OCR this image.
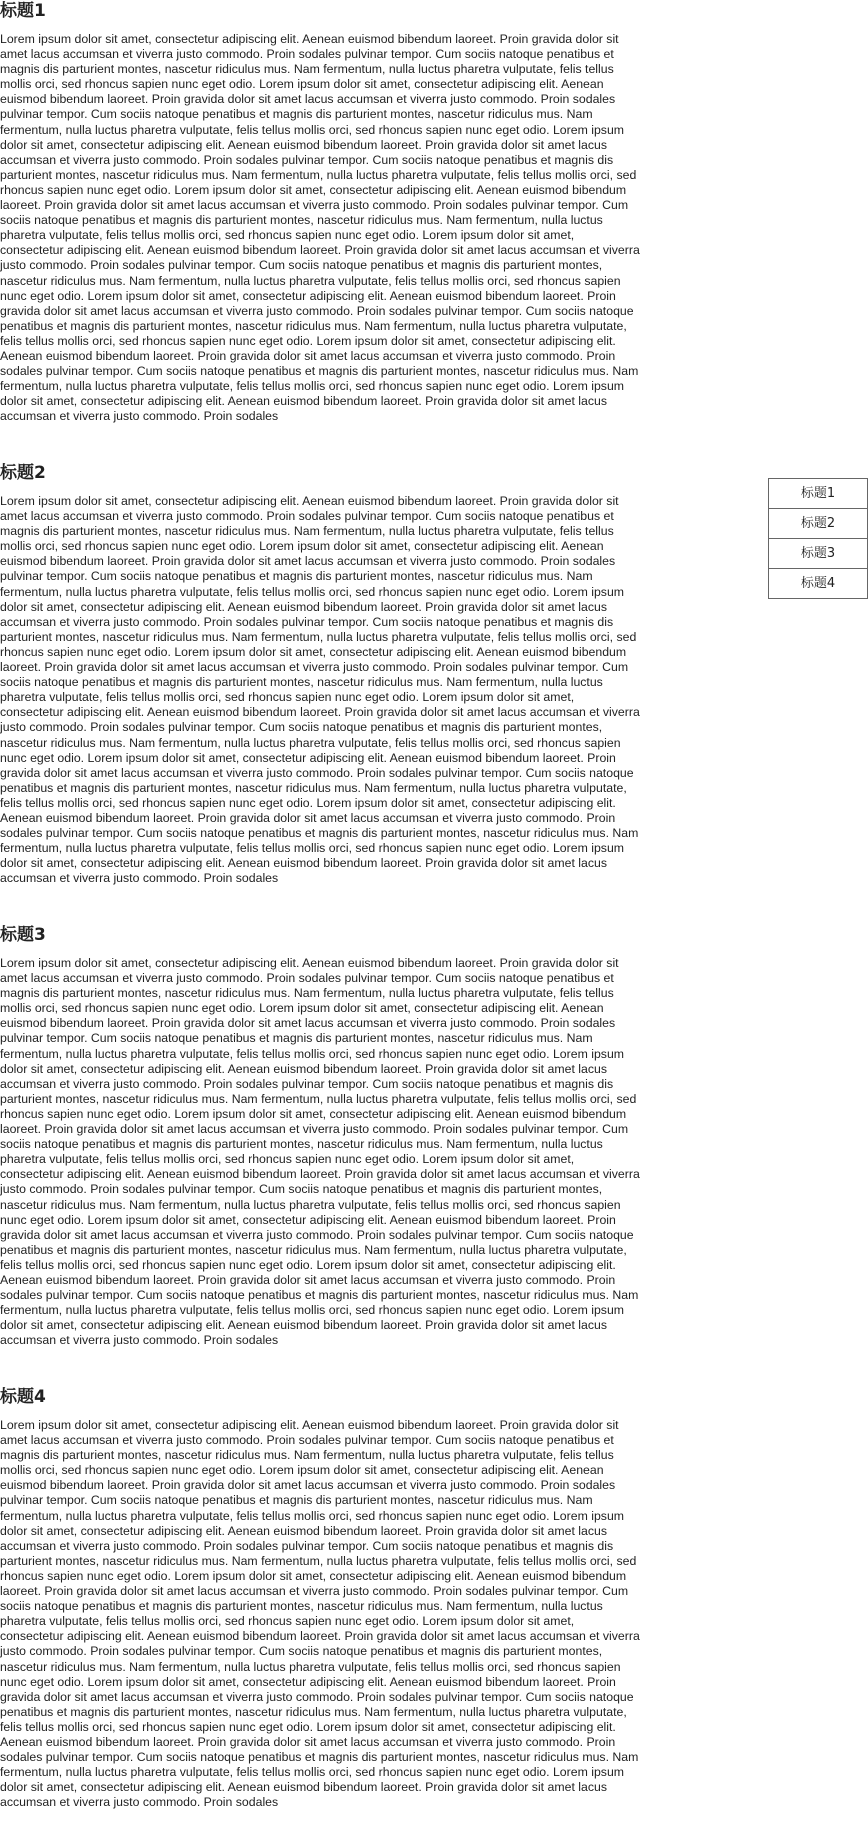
标题1

Lorem ipsum dolor sit amet, consectetur adipiscing elit. Aenean euismod bibendum laoreet. Proin gravida dolor sit amet lacus accumsan et viverra justo commodo. Proin sodales pulvinar tempor. Cum sociis natoque penatibus et magnis dis parturient montes, nascetur ridiculus mus. Nam fermentum, nulla luctus pharetra vulputate, felis tellus mollis orci, sed rhoncus sapien nunc eget odio. Lorem ipsum dolor sit amet, consectetur adipiscing elit. Aenean euismod bibendum laoreet. Proin gravida dolor sit amet lacus accumsan et viverra justo commodo. Proin sodales pulvinar tempor. Cum sociis natoque penatibus et magnis dis parturient montes, nascetur ridiculus mus. Nam fermentum, nulla luctus pharetra vulputate, felis tellus mollis orci, sed rhoncus sapien nunc eget odio. Lorem ipsum dolor sit amet, consectetur adipiscing elit. Aenean euismod bibendum laoreet. Proin gravida dolor sit amet lacus accumsan et viverra justo commodo. Proin sodales pulvinar tempor. Cum sociis natoque penatibus et magnis dis parturient montes, nascetur ridiculus mus. Nam fermentum, nulla luctus pharetra vulputate, felis tellus mollis orci, sed rhoncus sapien nunc eget odio. Lorem ipsum dolor sit amet, consectetur adipiscing elit. Aenean euismod bibendum laoreet. Proin gravida dolor sit amet lacus accumsan et viverra justo commodo. Proin sodales pulvinar tempor. Cum sociis natoque penatibus et magnis dis parturient montes, nascetur ridiculus mus. Nam fermentum, nulla luctus pharetra vulputate, felis tellus mollis orci, sed rhoncus sapien nunc eget odio. Lorem ipsum dolor sit amet, consectetur adipiscing elit. Aenean euismod bibendum laoreet. Proin gravida dolor sit amet lacus accumsan et viverra justo commodo. Proin sodales pulvinar tempor. Cum sociis natoque penatibus et magnis dis parturient montes, nascetur ridiculus mus. Nam fermentum, nulla luctus pharetra vulputate, felis tellus mollis orci, sed rhoncus sapien nunc eget odio. Lorem ipsum dolor sit amet, consectetur adipiscing elit. Aenean euismod bibendum laoreet. Proin gravida dolor sit amet lacus accumsan et viverra justo commodo. Proin sodales pulvinar tempor. Cum sociis natoque penatibus et magnis dis parturient montes, nascetur ridiculus mus. Nam fermentum, nulla luctus pharetra vulputate, felis tellus mollis orci, sed rhoncus sapien nunc eget odio. Lorem ipsum dolor sit amet, consectetur adipiscing elit. Aenean euismod bibendum laoreet. Proin gravida dolor sit amet lacus accumsan et viverra justo commodo. Proin sodales pulvinar tempor. Cum sociis natoque penatibus et magnis dis parturient montes, nascetur ridiculus mus. Nam fermentum, nulla luctus pharetra vulputate, felis tellus mollis orci, sed rhoncus sapien nunc eget odio. Lorem ipsum dolor sit amet, consectetur adipiscing elit. Aenean euismod bibendum laoreet. Proin gravida dolor sit amet lacus accumsan et viverra justo commodo. Proin sodales

标题2

Lorem ipsum dolor sit amet, consectetur adipiscing elit. Aenean euismod bibendum laoreet. Proin gravida dolor sit amet lacus accumsan et viverra justo commodo. Proin sodales pulvinar tempor. Cum sociis natoque penatibus et magnis dis parturient montes, nascetur ridiculus mus. Nam fermentum, nulla luctus pharetra vulputate, felis tellus mollis orci, sed rhoncus sapien nunc eget odio. Lorem ipsum dolor sit amet, consectetur adipiscing elit. Aenean euismod bibendum laoreet. Proin gravida dolor sit amet lacus accumsan et viverra justo commodo. Proin sodales pulvinar tempor. Cum sociis natoque penatibus et magnis dis parturient montes, nascetur ridiculus mus. Nam fermentum, nulla luctus pharetra vulputate, felis tellus mollis orci, sed rhoncus sapien nunc eget odio. Lorem ipsum dolor sit amet, consectetur adipiscing elit. Aenean euismod bibendum laoreet. Proin gravida dolor sit amet lacus accumsan et viverra justo commodo. Proin sodales pulvinar tempor. Cum sociis natoque penatibus et magnis dis parturient montes, nascetur ridiculus mus. Nam fermentum, nulla luctus pharetra vulputate, felis tellus mollis orci, sed rhoncus sapien nunc eget odio. Lorem ipsum dolor sit amet, consectetur adipiscing elit. Aenean euismod bibendum laoreet. Proin gravida dolor sit amet lacus accumsan et viverra justo commodo. Proin sodales pulvinar tempor. Cum sociis natoque penatibus et magnis dis parturient montes, nascetur ridiculus mus. Nam fermentum, nulla luctus pharetra vulputate, felis tellus mollis orci, sed rhoncus sapien nunc eget odio. Lorem ipsum dolor sit amet, consectetur adipiscing elit. Aenean euismod bibendum laoreet. Proin gravida dolor sit amet lacus accumsan et viverra justo commodo. Proin sodales pulvinar tempor. Cum sociis natoque penatibus et magnis dis parturient montes, nascetur ridiculus mus. Nam fermentum, nulla luctus pharetra vulputate, felis tellus mollis orci, sed rhoncus sapien nunc eget odio. Lorem ipsum dolor sit amet, consectetur adipiscing elit. Aenean euismod bibendum laoreet. Proin gravida dolor sit amet lacus accumsan et viverra justo commodo. Proin sodales pulvinar tempor. Cum sociis natoque penatibus et magnis dis parturient montes, nascetur ridiculus mus. Nam fermentum, nulla luctus pharetra vulputate, felis tellus mollis orci, sed rhoncus sapien nunc eget odio. Lorem ipsum dolor sit amet, consectetur adipiscing elit. Aenean euismod bibendum laoreet. Proin gravida dolor sit amet lacus accumsan et viverra justo commodo. Proin sodales pulvinar tempor. Cum sociis natoque penatibus et magnis dis parturient montes, nascetur ridiculus mus. Nam fermentum, nulla luctus pharetra vulputate, felis tellus mollis orci, sed rhoncus sapien nunc eget odio. Lorem ipsum dolor sit amet, consectetur adipiscing elit. Aenean euismod bibendum laoreet. Proin gravida dolor sit amet lacus accumsan et viverra justo commodo. Proin sodales

标题3

Lorem ipsum dolor sit amet, consectetur adipiscing elit. Aenean euismod bibendum laoreet. Proin gravida dolor sit amet lacus accumsan et viverra justo commodo. Proin sodales pulvinar tempor. Cum sociis natoque penatibus et magnis dis parturient montes, nascetur ridiculus mus. Nam fermentum, nulla luctus pharetra vulputate, felis tellus mollis orci, sed rhoncus sapien nunc eget odio. Lorem ipsum dolor sit amet, consectetur adipiscing elit. Aenean euismod bibendum laoreet. Proin gravida dolor sit amet lacus accumsan et viverra justo commodo. Proin sodales pulvinar tempor. Cum sociis natoque penatibus et magnis dis parturient montes, nascetur ridiculus mus. Nam fermentum, nulla luctus pharetra vulputate, felis tellus mollis orci, sed rhoncus sapien nunc eget odio. Lorem ipsum dolor sit amet, consectetur adipiscing elit. Aenean euismod bibendum laoreet. Proin gravida dolor sit amet lacus accumsan et viverra justo commodo. Proin sodales pulvinar tempor. Cum sociis natoque penatibus et magnis dis parturient montes, nascetur ridiculus mus. Nam fermentum, nulla luctus pharetra vulputate, felis tellus mollis orci, sed rhoncus sapien nunc eget odio. Lorem ipsum dolor sit amet, consectetur adipiscing elit. Aenean euismod bibendum laoreet. Proin gravida dolor sit amet lacus accumsan et viverra justo commodo. Proin sodales pulvinar tempor. Cum sociis natoque penatibus et magnis dis parturient montes, nascetur ridiculus mus. Nam fermentum, nulla luctus pharetra vulputate, felis tellus mollis orci, sed rhoncus sapien nunc eget odio. Lorem ipsum dolor sit amet, consectetur adipiscing elit. Aenean euismod bibendum laoreet. Proin gravida dolor sit amet lacus accumsan et viverra justo commodo. Proin sodales pulvinar tempor. Cum sociis natoque penatibus et magnis dis parturient montes, nascetur ridiculus mus. Nam fermentum, nulla luctus pharetra vulputate, felis tellus mollis orci, sed rhoncus sapien nunc eget odio. Lorem ipsum dolor sit amet, consectetur adipiscing elit. Aenean euismod bibendum laoreet. Proin gravida dolor sit amet lacus accumsan et viverra justo commodo. Proin sodales pulvinar tempor. Cum sociis natoque penatibus et magnis dis parturient montes, nascetur ridiculus mus. Nam fermentum, nulla luctus pharetra vulputate, felis tellus mollis orci, sed rhoncus sapien nunc eget odio. Lorem ipsum dolor sit amet, consectetur adipiscing elit. Aenean euismod bibendum laoreet. Proin gravida dolor sit amet lacus accumsan et viverra justo commodo. Proin sodales pulvinar tempor. Cum sociis natoque penatibus et magnis dis parturient montes, nascetur ridiculus mus. Nam fermentum, nulla luctus pharetra vulputate, felis tellus mollis orci, sed rhoncus sapien nunc eget odio. Lorem ipsum dolor sit amet, consectetur adipiscing elit. Aenean euismod bibendum laoreet. Proin gravida dolor sit amet lacus accumsan et viverra justo commodo. Proin sodales

标题4

Lorem ipsum dolor sit amet, consectetur adipiscing elit. Aenean euismod bibendum laoreet. Proin gravida dolor sit amet lacus accumsan et viverra justo commodo. Proin sodales pulvinar tempor. Cum sociis natoque penatibus et magnis dis parturient montes, nascetur ridiculus mus. Nam fermentum, nulla luctus pharetra vulputate, felis tellus mollis orci, sed rhoncus sapien nunc eget odio. Lorem ipsum dolor sit amet, consectetur adipiscing elit. Aenean euismod bibendum laoreet. Proin gravida dolor sit amet lacus accumsan et viverra justo commodo. Proin sodales pulvinar tempor. Cum sociis natoque penatibus et magnis dis parturient montes, nascetur ridiculus mus. Nam fermentum, nulla luctus pharetra vulputate, felis tellus mollis orci, sed rhoncus sapien nunc eget odio. Lorem ipsum dolor sit amet, consectetur adipiscing elit. Aenean euismod bibendum laoreet. Proin gravida dolor sit amet lacus accumsan et viverra justo commodo. Proin sodales pulvinar tempor. Cum sociis natoque penatibus et magnis dis parturient montes, nascetur ridiculus mus. Nam fermentum, nulla luctus pharetra vulputate, felis tellus mollis orci, sed rhoncus sapien nunc eget odio. Lorem ipsum dolor sit amet, consectetur adipiscing elit. Aenean euismod bibendum laoreet. Proin gravida dolor sit amet lacus accumsan et viverra justo commodo. Proin sodales pulvinar tempor. Cum sociis natoque penatibus et magnis dis parturient montes, nascetur ridiculus mus. Nam fermentum, nulla luctus pharetra vulputate, felis tellus mollis orci, sed rhoncus sapien nunc eget odio. Lorem ipsum dolor sit amet, consectetur adipiscing elit. Aenean euismod bibendum laoreet. Proin gravida dolor sit amet lacus accumsan et viverra justo commodo. Proin sodales pulvinar tempor. Cum sociis natoque penatibus et magnis dis parturient montes, nascetur ridiculus mus. Nam fermentum, nulla luctus pharetra vulputate, felis tellus mollis orci, sed rhoncus sapien nunc eget odio. Lorem ipsum dolor sit amet, consectetur adipiscing elit. Aenean euismod bibendum laoreet. Proin gravida dolor sit amet lacus accumsan et viverra justo commodo. Proin sodales pulvinar tempor. Cum sociis natoque penatibus et magnis dis parturient montes, nascetur ridiculus mus. Nam fermentum, nulla luctus pharetra vulputate, felis tellus mollis orci, sed rhoncus sapien nunc eget odio. Lorem ipsum dolor sit amet, consectetur adipiscing elit. Aenean euismod bibendum laoreet. Proin gravida dolor sit amet lacus accumsan et viverra justo commodo. Proin sodales pulvinar tempor. Cum sociis natoque penatibus et magnis dis parturient montes, nascetur ridiculus mus. Nam fermentum, nulla luctus pharetra vulputate, felis tellus mollis orci, sed rhoncus sapien nunc eget odio. Lorem ipsum dolor sit amet, consectetur adipiscing elit. Aenean euismod bibendum laoreet. Proin gravida dolor sit amet lacus accumsan et viverra justo commodo. Proin sodales

标题1
标题2
标题3
标题4
